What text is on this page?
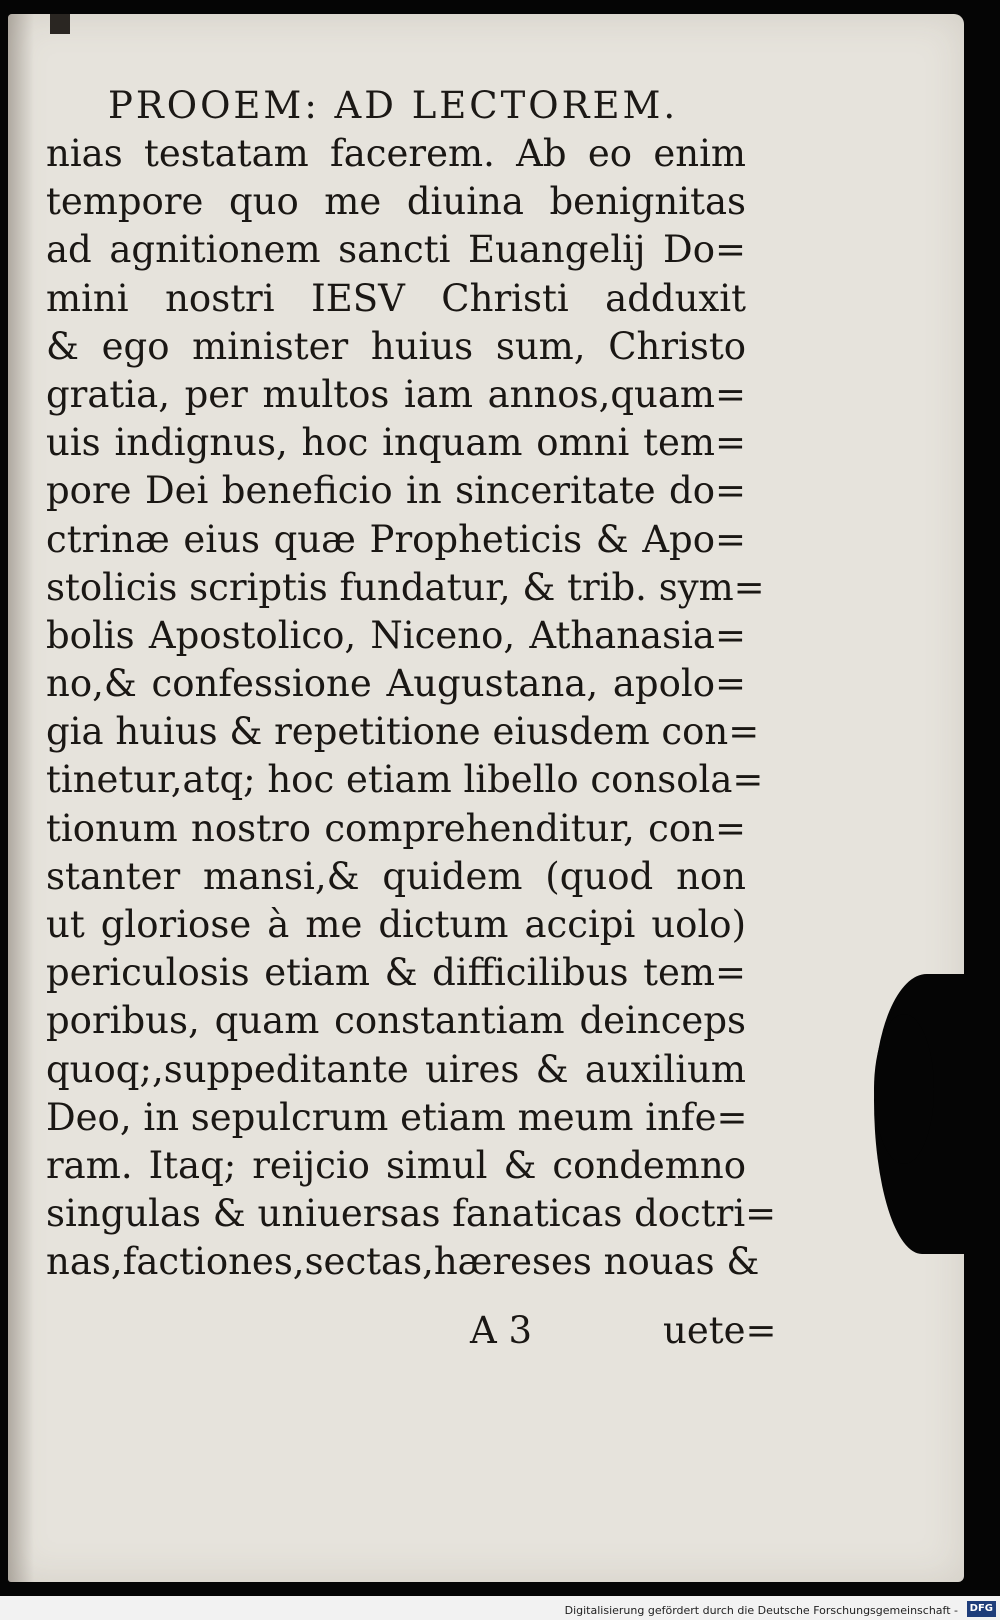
PROOEM: AD LECTOREM.
nias testatam facerem. Ab eo enim
tempore quo me diuina benignitas
ad agnitionem sancti Euangelij Do=
mini nostri IESV Christi adduxit
& ego minister huius sum, Christo
gratia, per multos iam annos,quam=
uis indignus, hoc inquam omni tem=
pore Dei beneficio in sinceritate do=
ctrinæ eius quæ Propheticis & Apo=
stolicis scriptis fundatur, & trib. sym=
bolis Apostolico, Niceno, Athanasia=
no,& confessione Augustana, apolo=
gia huius & repetitione eiusdem con=
tinetur,atq; hoc etiam libello consola=
tionum nostro comprehenditur, con=
stanter mansi,& quidem (quod non
ut gloriose à me dictum accipi uolo)
periculosis etiam & difficilibus tem=
poribus, quam constantiam deinceps
quoq;,suppeditante uires & auxilium
Deo, in sepulcrum etiam meum infe=
ram. Itaq; reijcio simul & condemno
singulas & uniuersas fanaticas doctri=
nas,factiones,sectas,hæreses nouas &
A 3	uete=
Digitalisierung gefördert durch die Deutsche Forschungsgemeinschaft -	DFG
